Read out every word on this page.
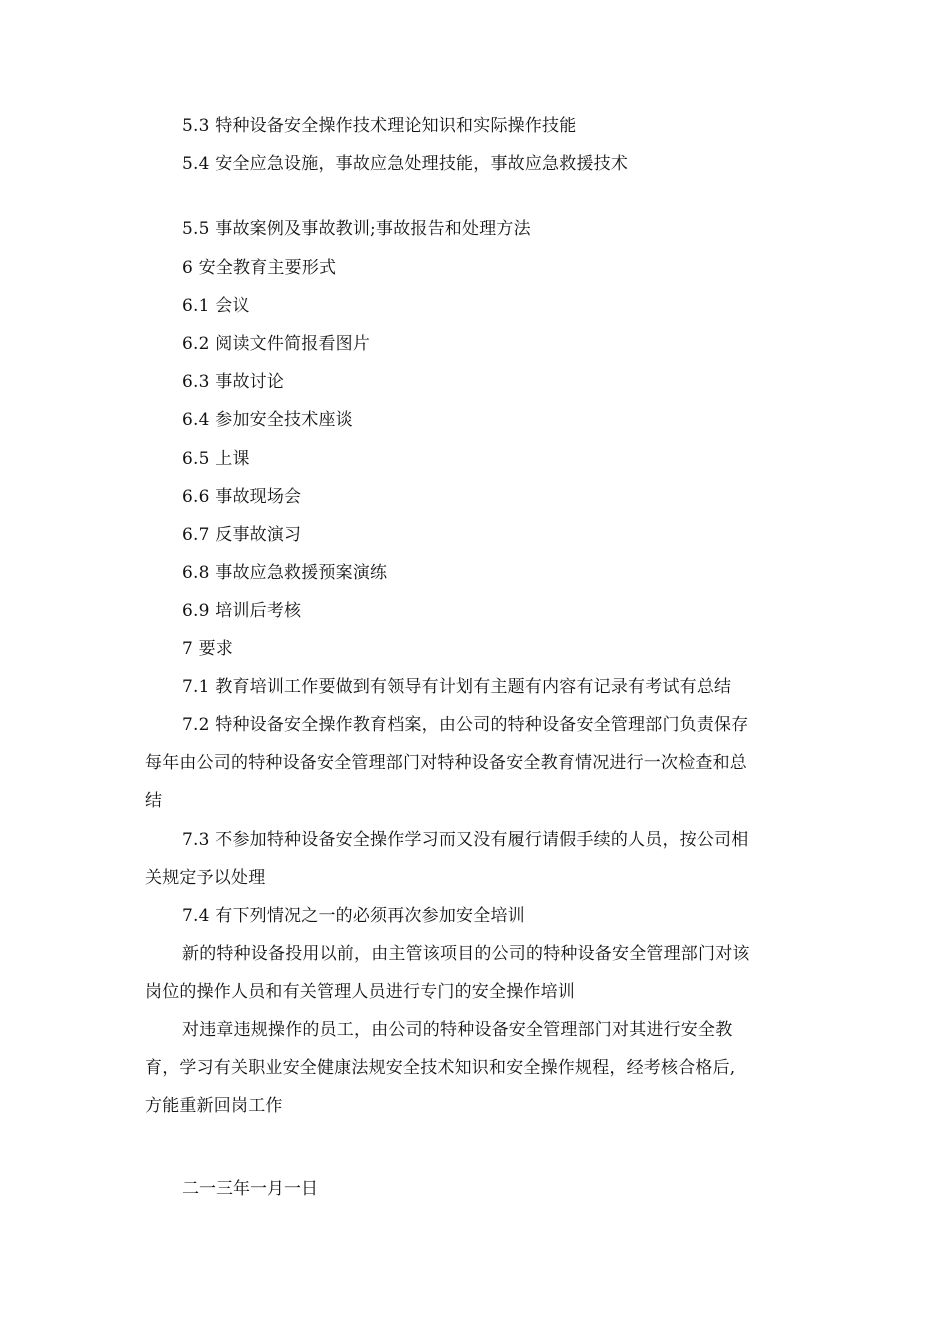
5.3 特种设备安全操作技术理论知识和实际操作技能
5.4 安全应急设施，事故应急处理技能，事故应急救援技术
5.5 事故案例及事故教训;事故报告和处理方法
6 安全教育主要形式
6.1 会议
6.2 阅读文件简报看图片
6.3 事故讨论
6.4 参加安全技术座谈
6.5 上课
6.6 事故现场会
6.7 反事故演习
6.8 事故应急救援预案演练
6.9 培训后考核
7 要求
7.1 教育培训工作要做到有领导有计划有主题有内容有记录有考试有总结
7.2 特种设备安全操作教育档案，由公司的特种设备安全管理部门负责保存
每年由公司的特种设备安全管理部门对特种设备安全教育情况进行一次检查和总
结
7.3 不参加特种设备安全操作学习而又没有履行请假手续的人员，按公司相
关规定予以处理
7.4 有下列情况之一的必须再次参加安全培训
新的特种设备投用以前，由主管该项目的公司的特种设备安全管理部门对该
岗位的操作人员和有关管理人员进行专门的安全操作培训
对违章违规操作的员工，由公司的特种设备安全管理部门对其进行安全教
育，学习有关职业安全健康法规安全技术知识和安全操作规程，经考核合格后,
方能重新回岗工作
二一三年一月一日
